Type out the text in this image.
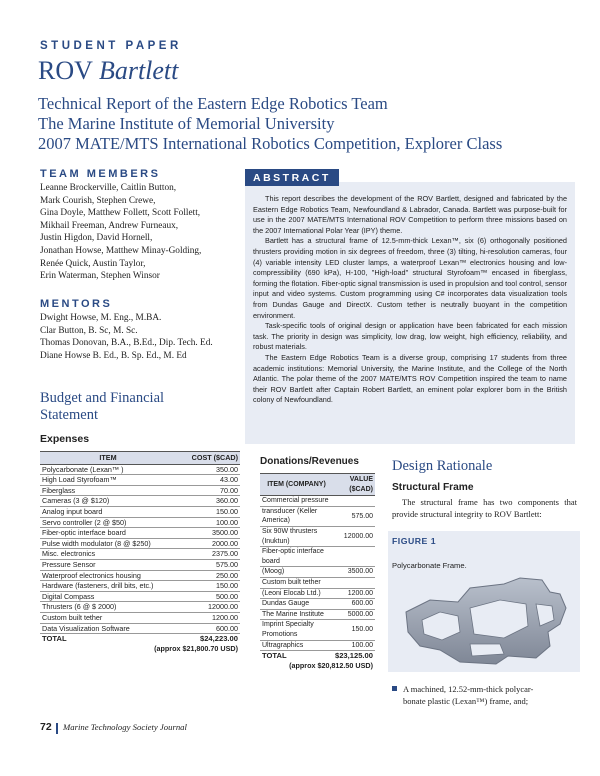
STUDENT PAPER
ROV Bartlett
Technical Report of the Eastern Edge Robotics Team
The Marine Institute of Memorial University
2007 MATE/MTS International Robotics Competition, Explorer Class
TEAM MEMBERS
Leanne Brockerville, Caitlin Button,
Mark Courish, Stephen Crewe,
Gina Doyle, Matthew Follett, Scott Follett,
Mikhail Freeman, Andrew Furneaux,
Justin Higdon, David Hornell,
Jonathan Howse, Matthew Minay-Golding,
Renée Quick, Austin Taylor,
Erin Waterman, Stephen Winsor
MENTORS
Dwight Howse, M. Eng., M.BA.
Clar Button, B. Sc, M. Sc.
Thomas Donovan, B.A., B.Ed., Dip. Tech. Ed.
Diane Howse B. Ed., B. Sp. Ed., M. Ed

This report describes the development of the ROV Bartlett, designed and fabricated by the Eastern Edge Robotics Team, Newfoundland & Labrador, Canada. Bartlett was purpose-built for use in the 2007 MATE/MTS International ROV Competition to perform three missions based on the 2007 International Polar Year (IPY) theme.

Bartlett has a structural frame of 12.5-mm-thick Lexan™, six (6) orthogonally positioned thrusters providing motion in six degrees of freedom, three (3) tilting, hi-resolution cameras, four (4) variable intensity LED cluster lamps, a waterproof Lexan™ electronics housing and low-compressibility (690 kPa), H-100, "High-load" structural Styrofoam™ encased in fiberglass, forming the flotation. Fiber-optic signal transmission is used in propulsion and tool control, sensor input and video systems. Custom programming using C# incorporates data visualization tools from Dundas Gauge and DirectX. Custom tether is neutrally buoyant in the competition environment.

Task-specific tools of original design or application have been fabricated for each mission task. The priority in design was simplicity, low drag, low weight, high efficiency, reliability, and robust materials.

The Eastern Edge Robotics Team is a diverse group, comprising 17 students from three academic institutions: Memorial University, the Marine Institute, and the College of the North Atlantic. The polar theme of the 2007 MATE/MTS ROV Competition inspired the team to name their ROV Bartlett after Captain Robert Bartlett, an eminent polar explorer born in the British colony of Newfoundland.

ABSTRACT
Budget and Financial
Statement
Expenses
ITEM	COST ($CAD)
Polycarbonate (Lexan™ )	350.00
High Load Styrofoam™	43.00
Fiberglass	70.00
Cameras (3 @ $120)	360.00
Analog input board	150.00
Servo controller (2 @ $50)	100.00
Fiber-optic interface board	3500.00
Pulse width modulator (8 @ $250)	2000.00
Misc. electronics	2375.00
Pressure Sensor	575.00
Waterproof electronics housing	250.00
Hardware (fasteners, drill bits, etc.)	150.00
Digital Compass	500.00
Thrusters (6 @ $ 2000)	12000.00
Custom built tether	1200.00
Data Visualization Software	600.00
TOTAL	$24,223.00
(approx $21,800.70 USD)	
Donations/Revenues
ITEM (COMPANY)	VALUE ($CAD)
Commercial pressure	
transducer (Keller America)	575.00
Six 90W thrusters (Inuktun)	12000.00
Fiber-optic interface board	
(Moog)	3500.00
Custom built tether	
(Leoni Elocab Ltd.)	1200.00
Dundas Gauge	600.00
The Marine Institute	5000.00
Imprint Specialty Promotions	150.00
Ultragraphics	100.00
TOTAL	$23,125.00
(approx $20,812.50 USD)	
Design Rationale
Structural Frame
The structural frame has two components that provide structural integrity to ROV Bartlett:
FIGURE 1
Polycarbonate Frame.
A machined, 12.52-mm-thick polycar-
bonate plastic (Lexan™) frame, and;
72 Marine Technology Society Journal
